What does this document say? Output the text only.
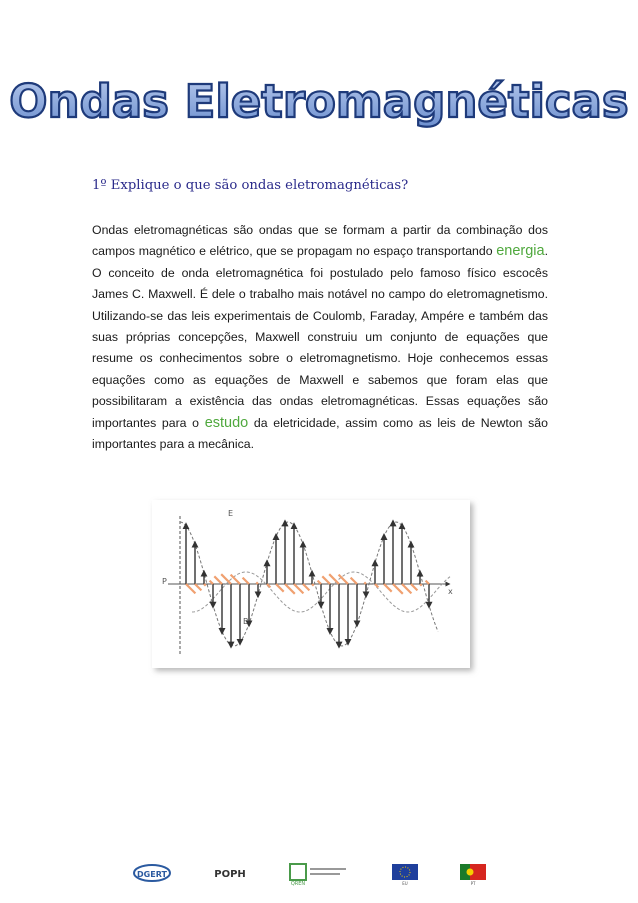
Ondas Eletromagnéticas
1º Explique o que são ondas eletromagnéticas?
Ondas eletromagnéticas são ondas que se formam a partir da combinação dos campos magnético e elétrico, que se propagam no espaço transportando energia. O conceito de onda eletromagnética foi postulado pelo famoso físico escocês James C. Maxwell. É dele o trabalho mais notável no campo do eletromagnetismo. Utilizando-se das leis experimentais de Coulomb, Faraday, Ampére e também das suas próprias concepções, Maxwell construiu um conjunto de equações que resume os conhecimentos sobre o eletromagnetismo. Hoje conhecemos essas equações como as equações de Maxwell e sabemos que foram elas que possibilitaram a existência das ondas eletromagnéticas. Essas equações são importantes para o estudo da eletricidade, assim como as leis de Newton são importantes para a mecânica.
P
x
E
B
DGERT	POPH
QREN	EU	PT
